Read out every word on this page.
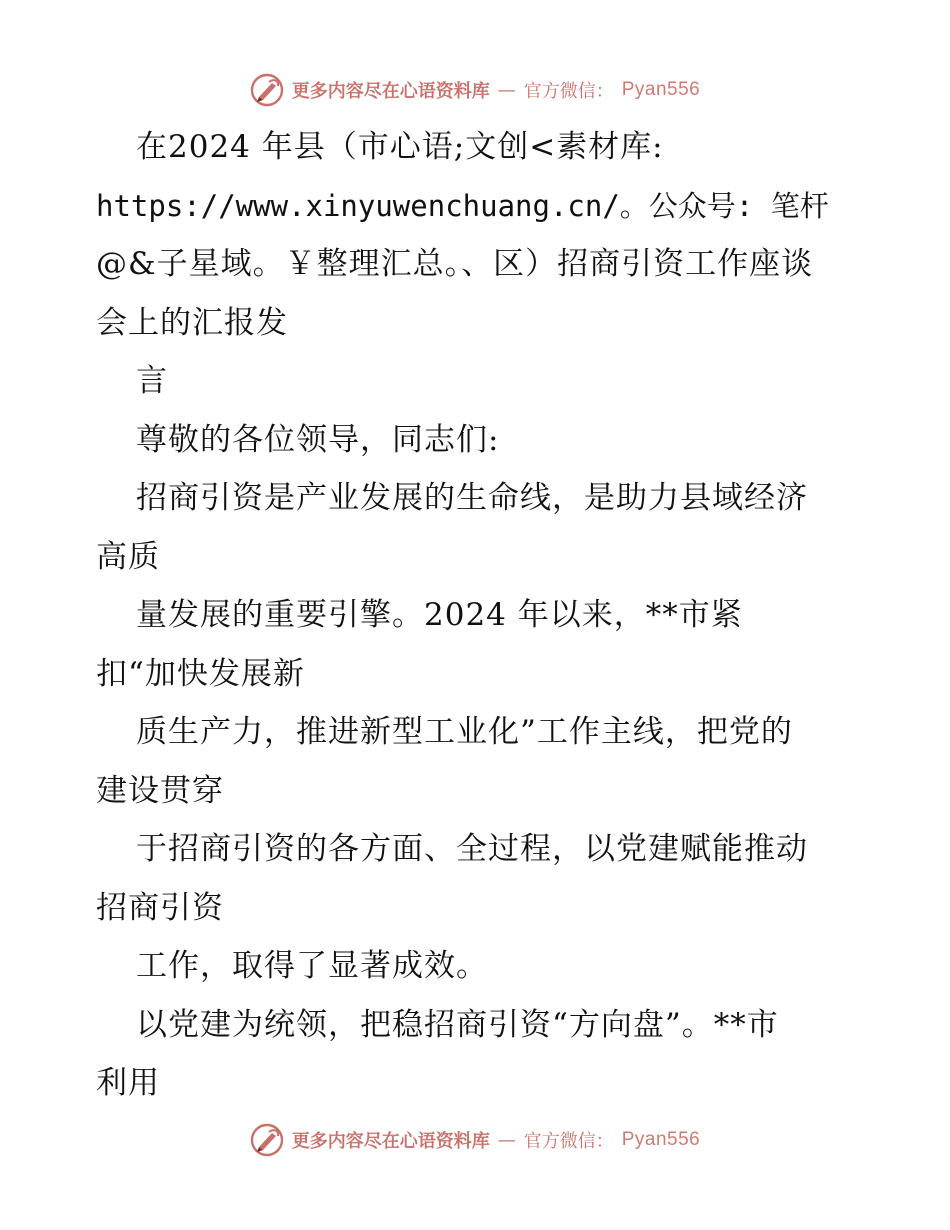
更多内容尽在心语资料库 — 官方微信： Pyan556
在2024 年县（市心语;文创<素材库:
https://www.xinyuwenchuang.cn/。公众号: 笔杆
@&子星域。￥整理汇总。、区）招商引资工作座谈
会上的汇报发
言
尊敬的各位领导，同志们:
招商引资是产业发展的生命线，是助力县域经济
高质
量发展的重要引擎。2024 年以来，**市紧
扣“加快发展新
质生产力，推进新型工业化”工作主线，把党的
建设贯穿
于招商引资的各方面、全过程，以党建赋能推动
招商引资
工作，取得了显著成效。
以党建为统领，把稳招商引资“方向盘”。**市
利用
更多内容尽在心语资料库 — 官方微信： Pyan556
